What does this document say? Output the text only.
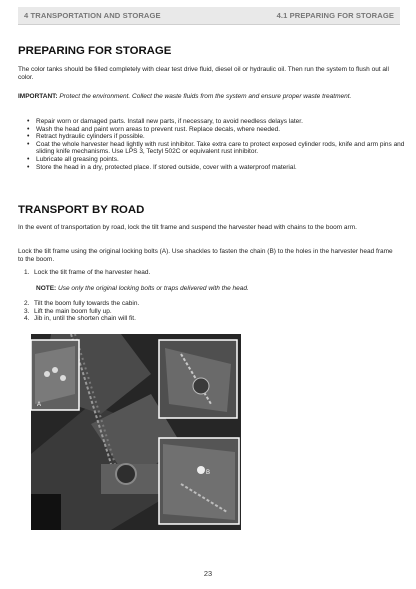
4 TRANSPORTATION AND STORAGE	4.1 PREPARING FOR STORAGE
PREPARING FOR STORAGE

The color tanks should be filled completely with clear test drive fluid, diesel oil or hydraulic oil. Then run the system to flush out all color.

IMPORTANT: Protect the environment. Collect the waste fluids from the system and ensure proper waste treatment.

• Repair worn or damaged parts. Install new parts, if necessary, to avoid needless delays later.
• Wash the head and paint worn areas to prevent rust. Replace decals, where needed.
• Retract hydraulic cylinders if possible.
• Coat the whole harvester head lightly with rust inhibitor. Take extra care to protect exposed cylinder rods, knife and arm pins and sliding knife mechanisms. Use LPS 3, Tectyl 502C or equivalent rust inhibitor.
• Lubricate all greasing points.
• Store the head in a dry, protected place. If stored outside, cover with a waterproof material.
TRANSPORT BY ROAD

In the event of transportation by road, lock the tilt frame and suspend the harvester head with chains to the boom arm.

Lock the tilt frame using the original locking bolts (A). Use shackles to fasten the chain (B) to the holes in the harvester head frame to the boom.

1. Lock the tilt frame of the harvester head.

NOTE: Use only the original locking bolts or traps delivered with the head.

2. Tilt the boom fully towards the cabin.
3. Lift the main boom fully up.
4. Jib in, until the shorten chain will fit.
A
B
23
